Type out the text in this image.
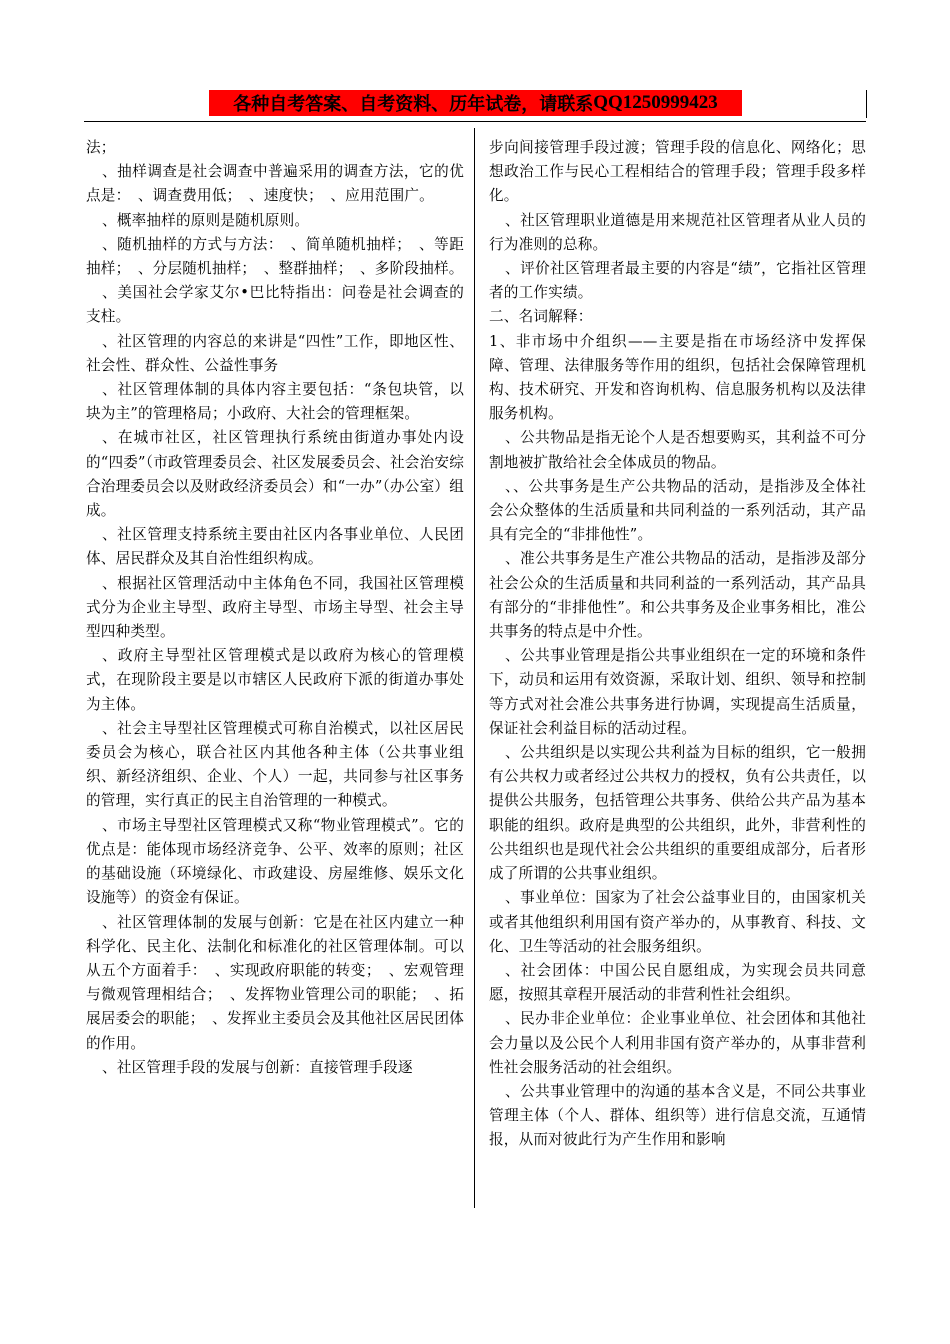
各种自考答案、自考资料、历年试卷，请联系 QQ1250999423

法；

、抽样调查是社会调查中普遍采用的调查方法，它的优点是：　、调查费用低；　、速度快；　、应用范围广。

、概率抽样的原则是随机原则。

、随机抽样的方式与方法：　、简单随机抽样；　、等距抽样；　、分层随机抽样；　、整群抽样；　、多阶段抽样。

、美国社会学家艾尔•巴比特指出：问卷是社会调查的支柱。

、社区管理的内容总的来讲是“四性”工作，即地区性、社会性、群众性、公益性事务

、社区管理体制的具体内容主要包括：“条包块管，以块为主”的管理格局；小政府、大社会的管理框架。

、在城市社区，社区管理执行系统由街道办事处内设的“四委”（市政管理委员会、社区发展委员会、社会治安综合治理委员会以及财政经济委员会）和“一办”（办公室）组成。

、社区管理支持系统主要由社区内各事业单位、人民团体、居民群众及其自治性组织构成。

、根据社区管理活动中主体角色不同，我国社区管理模式分为企业主导型、政府主导型、市场主导型、社会主导型四种类型。

、政府主导型社区管理模式是以政府为核心的管理模式，在现阶段主要是以市辖区人民政府下派的街道办事处为主体。

、社会主导型社区管理模式可称自治模式，以社区居民委员会为核心，联合社区内其他各种主体（公共事业组织、新经济组织、企业、个人）一起，共同参与社区事务的管理，实行真正的民主自治管理的一种模式。

、市场主导型社区管理模式又称“物业管理模式”。它的优点是：能体现市场经济竞争、公平、效率的原则；社区的基础设施（环境绿化、市政建设、房屋维修、娱乐文化设施等）的资金有保证。

、社区管理体制的发展与创新：它是在社区内建立一种科学化、民主化、法制化和标准化的社区管理体制。可以从五个方面着手：　、实现政府职能的转变；　、宏观管理与微观管理相结合；　、发挥物业管理公司的职能；　、拓展居委会的职能；　、发挥业主委员会及其他社区居民团体的作用。

、社区管理手段的发展与创新：直接管理手段逐

步向间接管理手段过渡；管理手段的信息化、网络化；思想政治工作与民心工程相结合的管理手段；管理手段多样化。

、社区管理职业道德是用来规范社区管理者从业人员的行为准则的总称。

、评价社区管理者最主要的内容是“绩”，它指社区管理者的工作实绩。

二、名词解释：

1、非市场中介组织——主要是指在市场经济中发挥保障、管理、法律服务等作用的组织，包括社会保障管理机构、技术研究、开发和咨询机构、信息服务机构以及法律服务机构。

、公共物品是指无论个人是否想要购买，其利益不可分割地被扩散给社会全体成员的物品。

、、公共事务是生产公共物品的活动，是指涉及全体社会公众整体的生活质量和共同利益的一系列活动，其产品具有完全的“非排他性”。

、准公共事务是生产准公共物品的活动，是指涉及部分社会公众的生活质量和共同利益的一系列活动，其产品具有部分的“非排他性”。和公共事务及企业事务相比，准公共事务的特点是中介性。

、公共事业管理是指公共事业组织在一定的环境和条件下，动员和运用有效资源，采取计划、组织、领导和控制等方式对社会准公共事务进行协调，实现提高生活质量，保证社会利益目标的活动过程。

、公共组织是以实现公共利益为目标的组织，它一般拥有公共权力或者经过公共权力的授权，负有公共责任，以提供公共服务，包括管理公共事务、供给公共产品为基本职能的组织。政府是典型的公共组织，此外，非营利性的公共组织也是现代社会公共组织的重要组成部分，后者形成了所谓的公共事业组织。

、事业单位：国家为了社会公益事业目的，由国家机关或者其他组织利用国有资产举办的，从事教育、科技、文化、卫生等活动的社会服务组织。

、社会团体：中国公民自愿组成，为实现会员共同意愿，按照其章程开展活动的非营利性社会组织。

、民办非企业单位：企业事业单位、社会团体和其他社会力量以及公民个人利用非国有资产举办的，从事非营利性社会服务活动的社会组织。

、公共事业管理中的沟通的基本含义是，不同公共事业管理主体（个人、群体、组织等）进行信息交流，互通情报，从而对彼此行为产生作用和影响
